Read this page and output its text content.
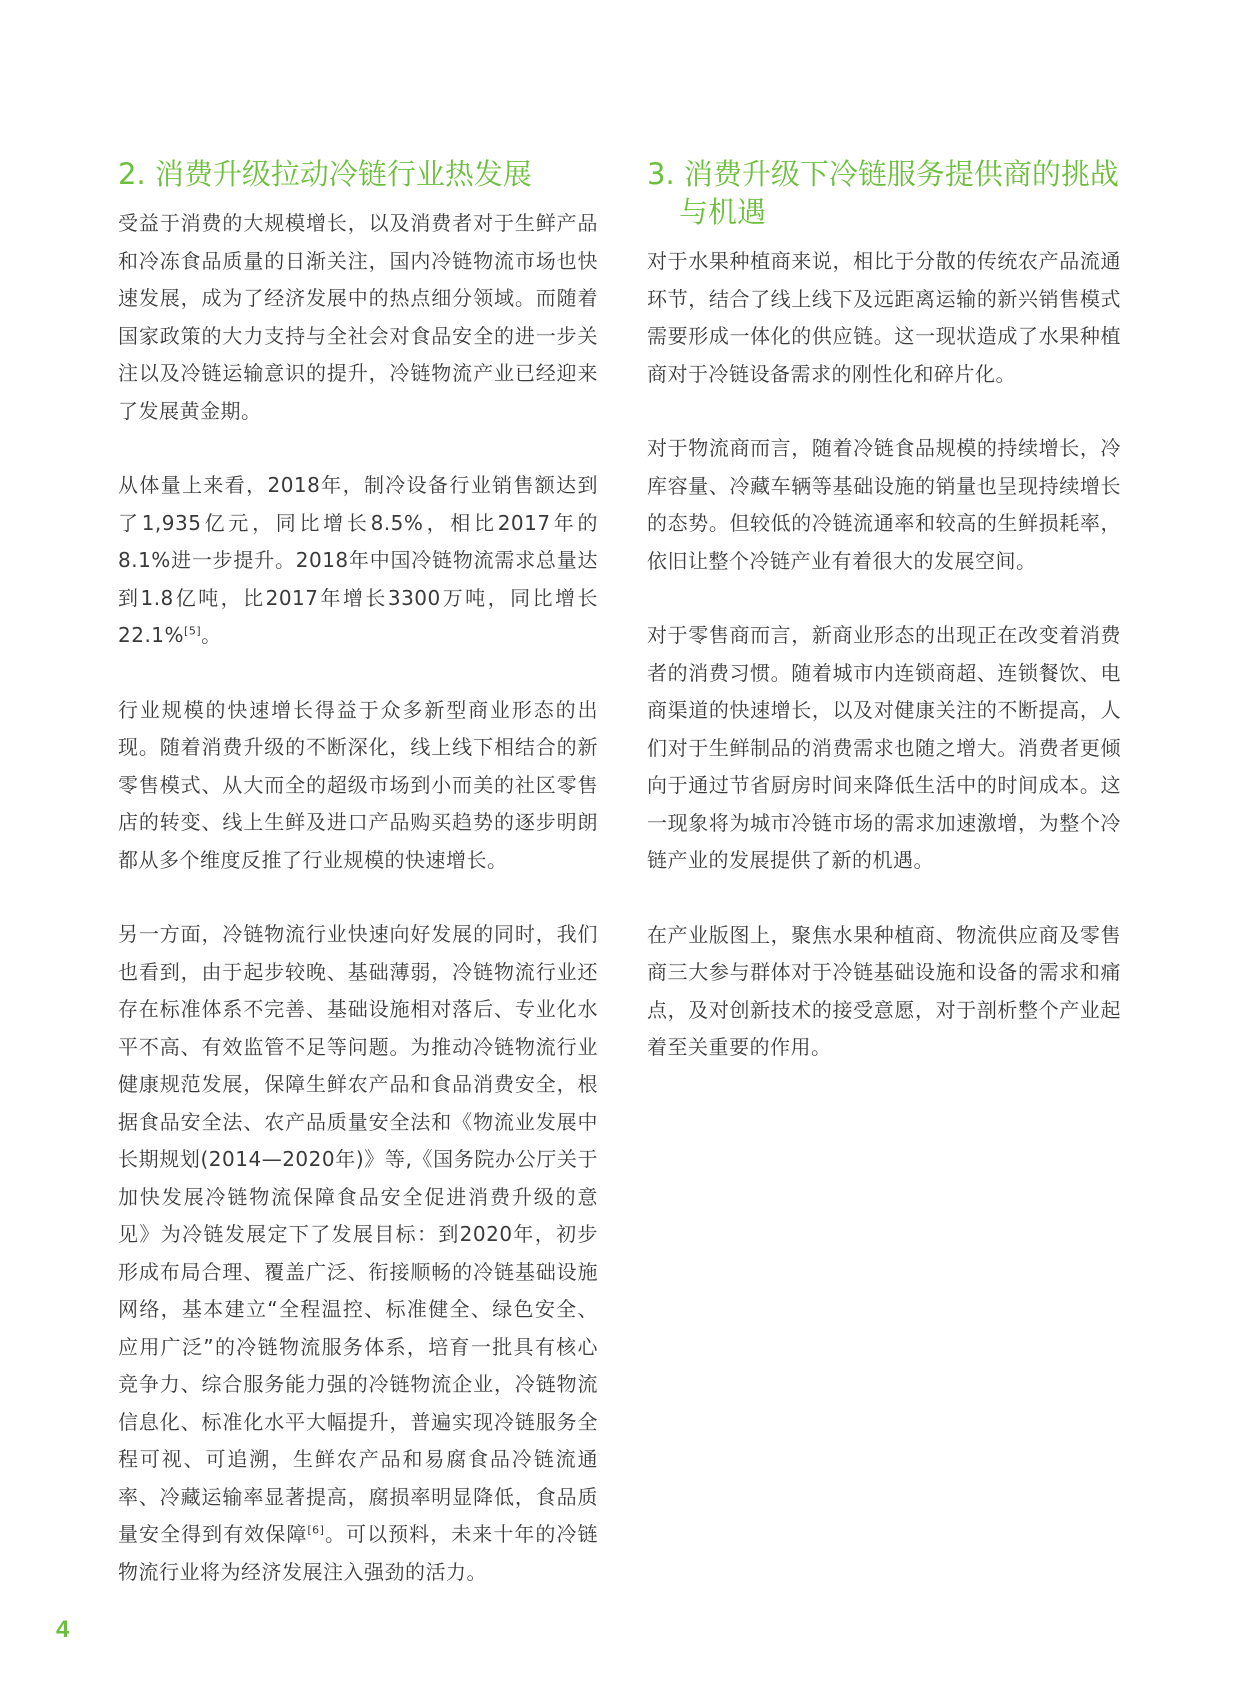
2. 消费升级拉动冷链行业热发展

受益于消费的大规模增长，以及消费者对于生鲜产品和冷冻食品质量的日渐关注，国内冷链物流市场也快速发展，成为了经济发展中的热点细分领域。而随着国家政策的大力支持与全社会对食品安全的进一步关注以及冷链运输意识的提升，冷链物流产业已经迎来了发展黄金期。

从体量上来看，2018年，制冷设备行业销售额达到了1,935亿元，同比增长8.5%，相比2017年的8.1%进一步提升。2018年中国冷链物流需求总量达到1.8亿吨，比2017年增长3300万吨，同比增长22.1%[5]。

行业规模的快速增长得益于众多新型商业形态的出现。随着消费升级的不断深化，线上线下相结合的新零售模式、从大而全的超级市场到小而美的社区零售店的转变、线上生鲜及进口产品购买趋势的逐步明朗都从多个维度反推了行业规模的快速增长。

另一方面，冷链物流行业快速向好发展的同时，我们也看到，由于起步较晚、基础薄弱，冷链物流行业还存在标准体系不完善、基础设施相对落后、专业化水平不高、有效监管不足等问题。为推动冷链物流行业健康规范发展，保障生鲜农产品和食品消费安全，根据食品安全法、农产品质量安全法和《物流业发展中长期规划(2014—2020年)》等,《国务院办公厅关于加快发展冷链物流保障食品安全促进消费升级的意见》为冷链发展定下了发展目标：到2020年，初步形成布局合理、覆盖广泛、衔接顺畅的冷链基础设施网络，基本建立“全程温控、标准健全、绿色安全、应用广泛”的冷链物流服务体系，培育一批具有核心竞争力、综合服务能力强的冷链物流企业，冷链物流信息化、标准化水平大幅提升，普遍实现冷链服务全程可视、可追溯，生鲜农产品和易腐食品冷链流通率、冷藏运输率显著提高，腐损率明显降低，食品质量安全得到有效保障[6]。可以预料，未来十年的冷链物流行业将为经济发展注入强劲的活力。

3. 消费升级下冷链服务提供商的挑战与机遇

对于水果种植商来说，相比于分散的传统农产品流通环节，结合了线上线下及远距离运输的新兴销售模式需要形成一体化的供应链。这一现状造成了水果种植商对于冷链设备需求的刚性化和碎片化。

对于物流商而言，随着冷链食品规模的持续增长，冷库容量、冷藏车辆等基础设施的销量也呈现持续增长的态势。但较低的冷链流通率和较高的生鲜损耗率，依旧让整个冷链产业有着很大的发展空间。

对于零售商而言，新商业形态的出现正在改变着消费者的消费习惯。随着城市内连锁商超、连锁餐饮、电商渠道的快速增长，以及对健康关注的不断提高，人们对于生鲜制品的消费需求也随之增大。消费者更倾向于通过节省厨房时间来降低生活中的时间成本。这一现象将为城市冷链市场的需求加速激增，为整个冷链产业的发展提供了新的机遇。

在产业版图上，聚焦水果种植商、物流供应商及零售商三大参与群体对于冷链基础设施和设备的需求和痛点，及对创新技术的接受意愿，对于剖析整个产业起着至关重要的作用。

4
